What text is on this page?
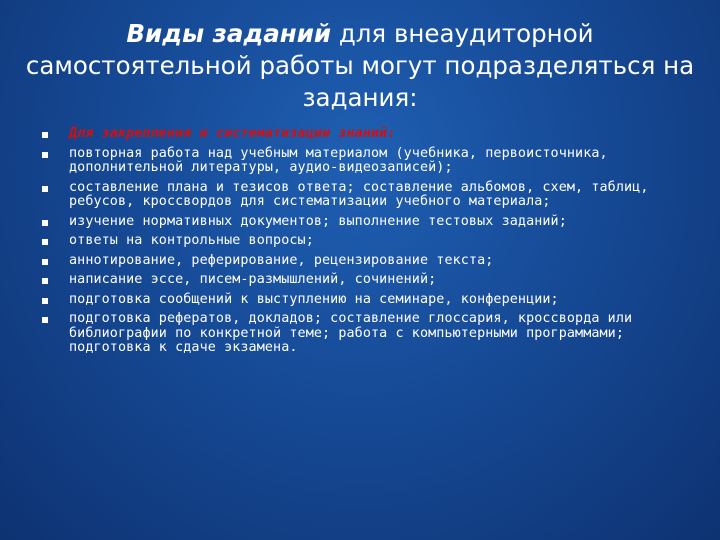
Виды заданий для внеаудиторной самостоятельной работы могут подразделяться на задания:
Для закрепления и систематизации знаний:
повторная работа над учебным материалом (учебника, первоисточника, дополнительной литературы, аудио-видеозаписей);
составление плана и тезисов ответа; составление альбомов, схем, таблиц, ребусов, кроссвордов для систематизации учебного материала;
изучение нормативных документов; выполнение тестовых заданий;
ответы на контрольные вопросы;
аннотирование, реферирование, рецензирование текста;
написание эссе, писем-размышлений, сочинений;
подготовка сообщений к выступлению на семинаре, конференции;
подготовка рефератов, докладов; составление глоссария, кроссворда или библиографии по конкретной теме; работа с компьютерными программами; подготовка к сдаче экзамена.
